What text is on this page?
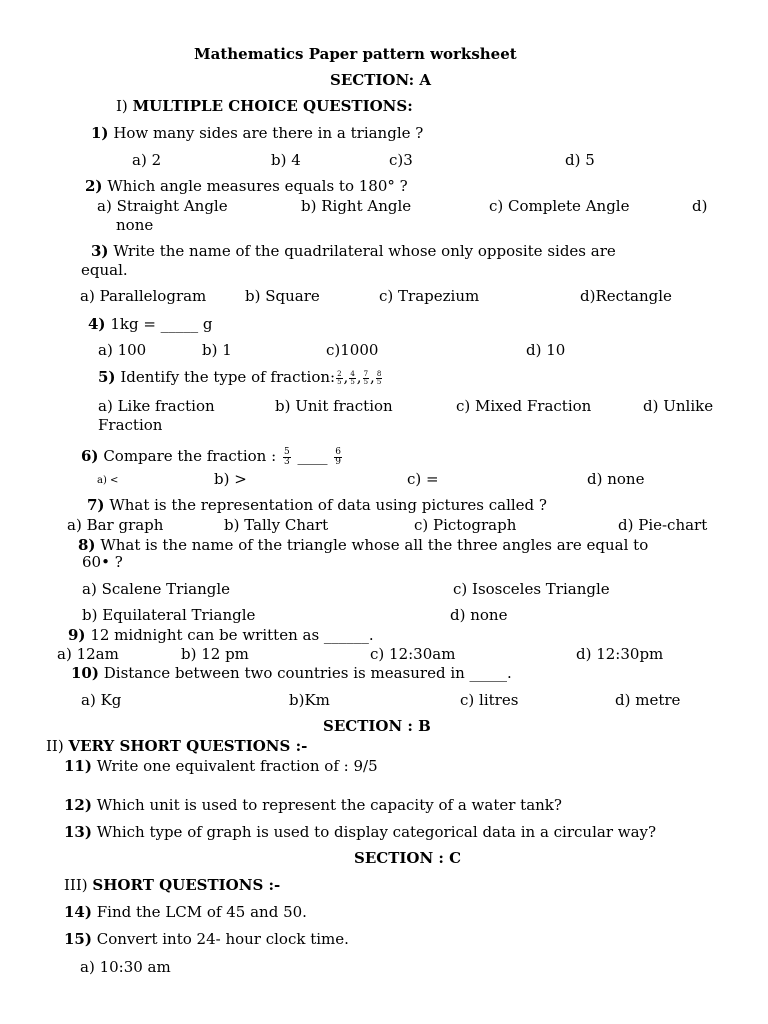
Mathematics Paper pattern worksheet
SECTION: A
I) MULTIPLE CHOICE QUESTIONS:
1) How many sides are there in a triangle ?
a) 2	b) 4	c)3	d) 5
2) Which angle measures equals to 180° ?
a) Straight Angle	b) Right Angle	c) Complete Angle	d)
none
3) Write the name of the quadrilateral whose only opposite sides are
equal.
a) Parallelogram	b) Square	c) Trapezium	d)Rectangle
4) 1kg = _____ g
a) 100	b) 1	c)1000	d) 10
5) Identify the type of fraction: $\frac{2}{5}$ , $\frac{4}{5}$ , $\frac{7}{5}$ , $\frac{8}{5}$
a) Like fraction	b) Unit fraction	c) Mixed Fraction	d) Unlike
Fraction
6) Compare the fraction : $\frac{5}{3}$ ____ $\frac{6}{9}$
a) <	b) >	c) =	d) none
7) What is the representation of data using pictures called ?
a) Bar graph	b) Tally Chart	c) Pictograph	d) Pie-chart
8) What is the name of the triangle whose all the three angles are equal to
60• ?
a) Scalene Triangle	c) Isosceles Triangle
b) Equilateral Triangle	d) none
9) 12 midnight can be written as ______.
a) 12am	b) 12 pm	c) 12:30am	d) 12:30pm
10) Distance between two countries is measured in _____.
a) Kg	b)Km	c) litres	d) metre
SECTION : B
II) VERY SHORT QUESTIONS :-
11) Write one equivalent fraction of : 9/5
12) Which unit is used to represent the capacity of a water tank?
13) Which type of graph is used to display categorical data in a circular way?
SECTION : C
III) SHORT QUESTIONS :-
14) Find the LCM of 45 and 50.
15) Convert into 24- hour clock time.
a) 10:30 am
